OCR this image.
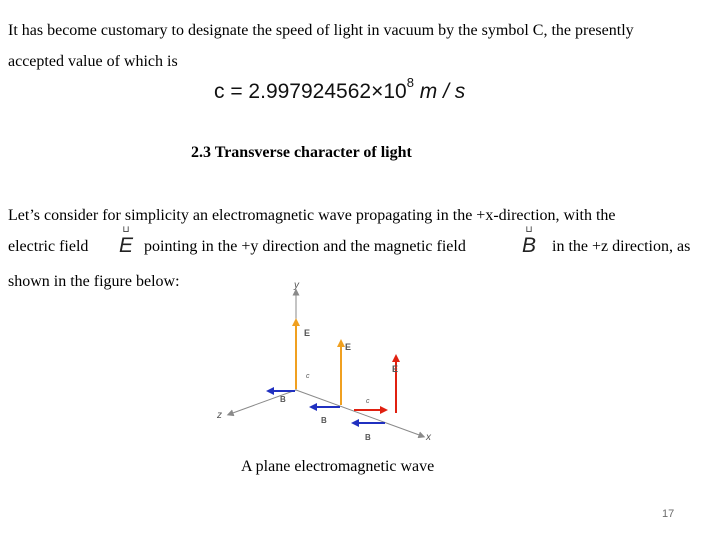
It has become customary to designate the speed of light in vacuum by the symbol C, the presently
accepted value of which is
$c = 2.997924562\times 10^8$ m / s
2.3 Transverse character of light
Let’s consider for simplicity an electromagnetic wave propagating in the +x-direction, with the
electric field
⊔
E pointing in the +y direction and the magnetic field
⊔
B	in the +z direction, as
shown in the figure below:	y
z
x
E
E
E
B
B
B
c
c
A plane electromagnetic wave
17
